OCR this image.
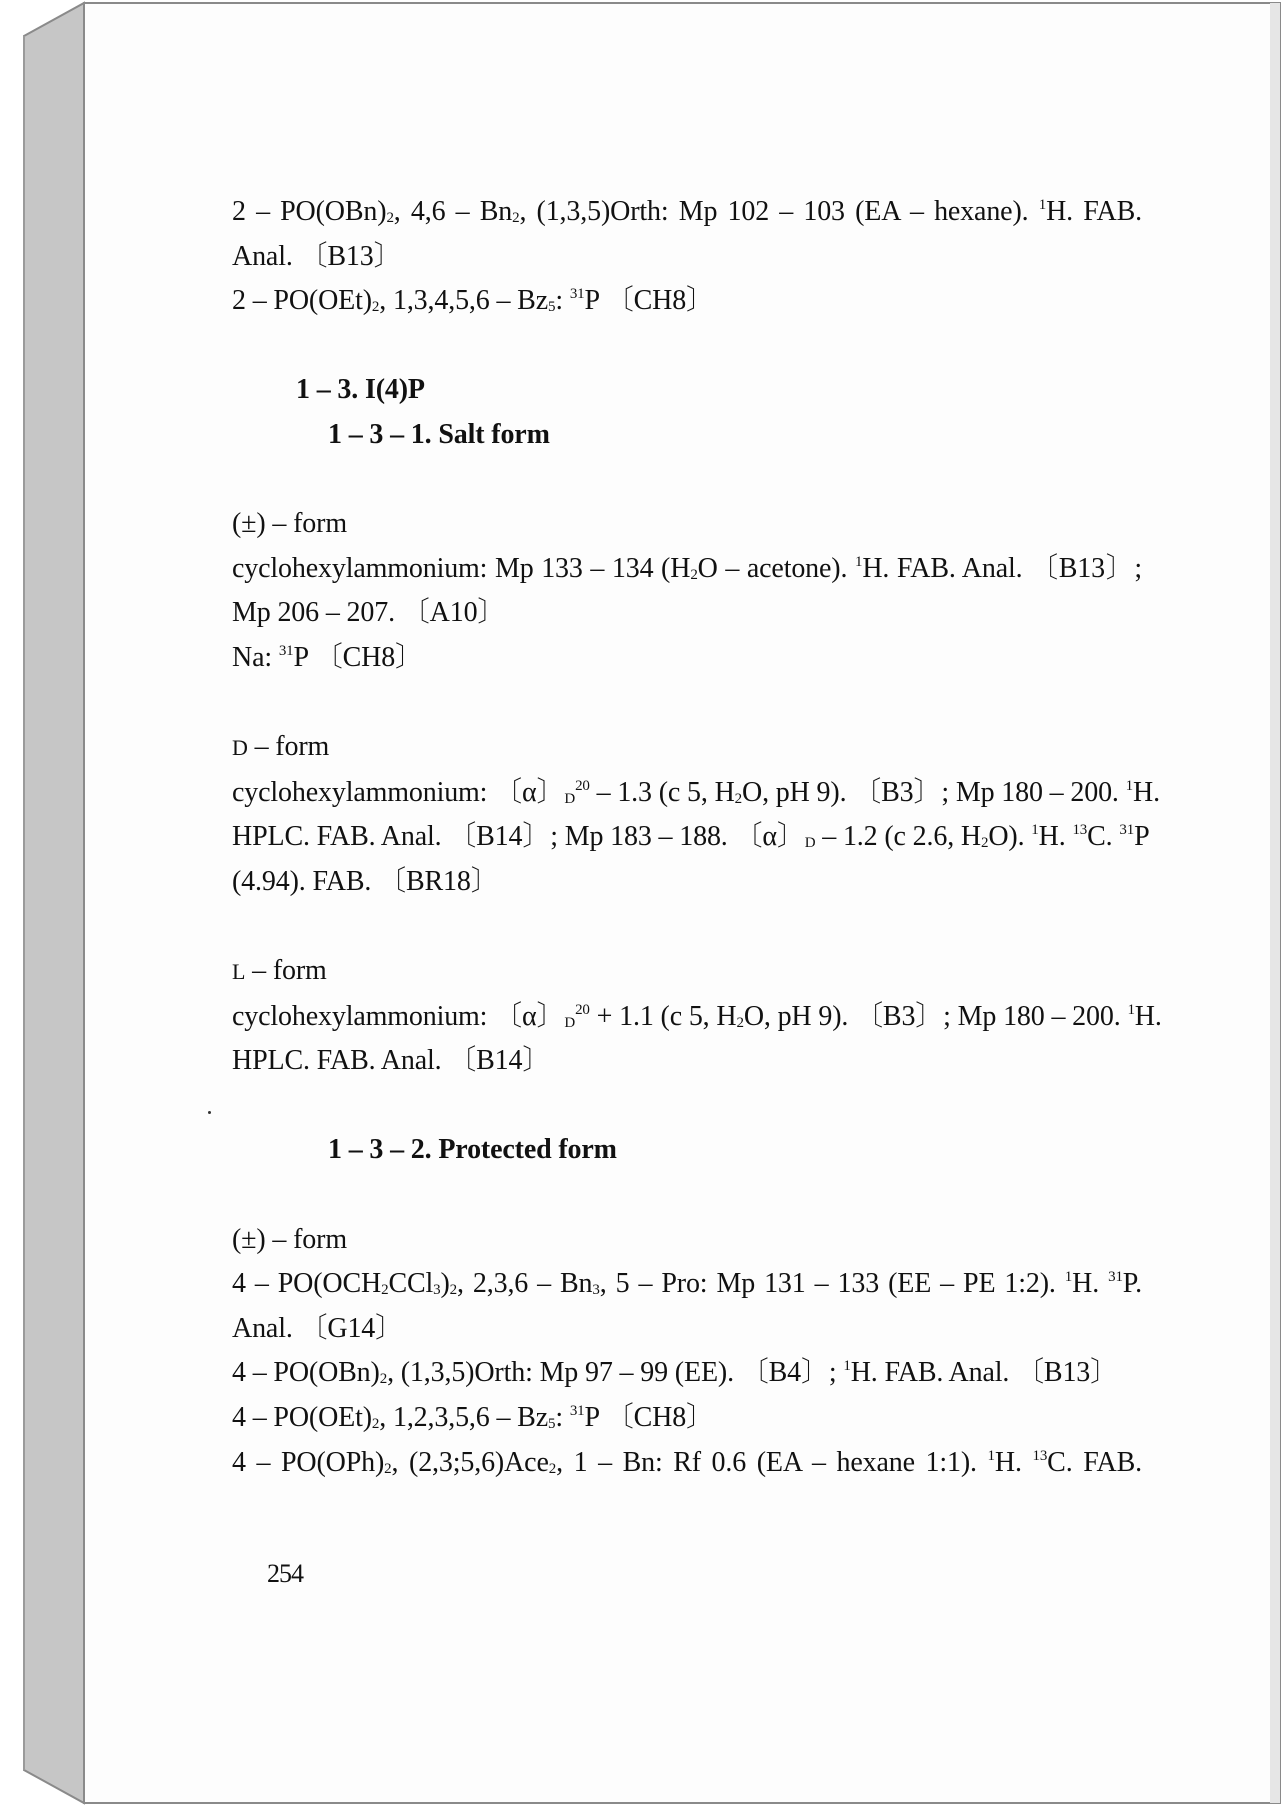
$2 - PO(OBn)_2$, $4,6 - Bn_2$, (1,3,5)Orth: Mp 102 – 103 (EA – hexane). $^1$H. FAB.
Anal. 〔B13〕
$2 - PO(OEt)_2$, $1,3,4,5,6 - Bz_5$: $^{31}$P 〔CH8〕
1 – 3. I(4)P
1 – 3 – 1. Salt form
(±) – form
cyclohexylammonium: Mp 133 – 134 ($H_2O$ – acetone). $^1$H. FAB. Anal. 〔B13〕;
Mp 206 – 207. 〔A10〕
Na: $^{31}$P 〔CH8〕
D – form
cyclohexylammonium: 〔α〕$_D^{20}$ – 1.3 (c 5, $H_2O$, pH 9). 〔B3〕; Mp 180 – 200. $^1$H.
HPLC. FAB. Anal. 〔B14〕; Mp 183 – 188. 〔α〕$_D$ – 1.2 (c 2.6, $H_2O$). $^1$H. $^{13}$C. $^{31}$P
(4.94). FAB. 〔BR18〕
L – form
cyclohexylammonium: 〔α〕$_D^{20}$ + 1.1 (c 5, $H_2O$, pH 9). 〔B3〕; Mp 180 – 200. $^1$H.
HPLC. FAB. Anal. 〔B14〕
1 – 3 – 2. Protected form
(±) – form
$4 - PO(OCH_2CCl_3)_2$, $2,3,6 - Bn_3$, 5 – Pro: Mp 131 – 133 (EE – PE 1:2). $^1$H. $^{31}$P.
Anal. 〔G14〕
$4 - PO(OBn)_2$, (1,3,5)Orth: Mp 97 – 99 (EE). 〔B4〕; $^1$H. FAB. Anal. 〔B13〕
$4 - PO(OEt)_2$, $1,2,3,5,6 - Bz_5$: $^{31}$P 〔CH8〕
$4 - PO(OPh)_2$, (2,3;5,6)Ace$_2$, 1 – Bn: Rf 0.6 (EA – hexane 1:1). $^1$H. $^{13}$C. FAB.
254
